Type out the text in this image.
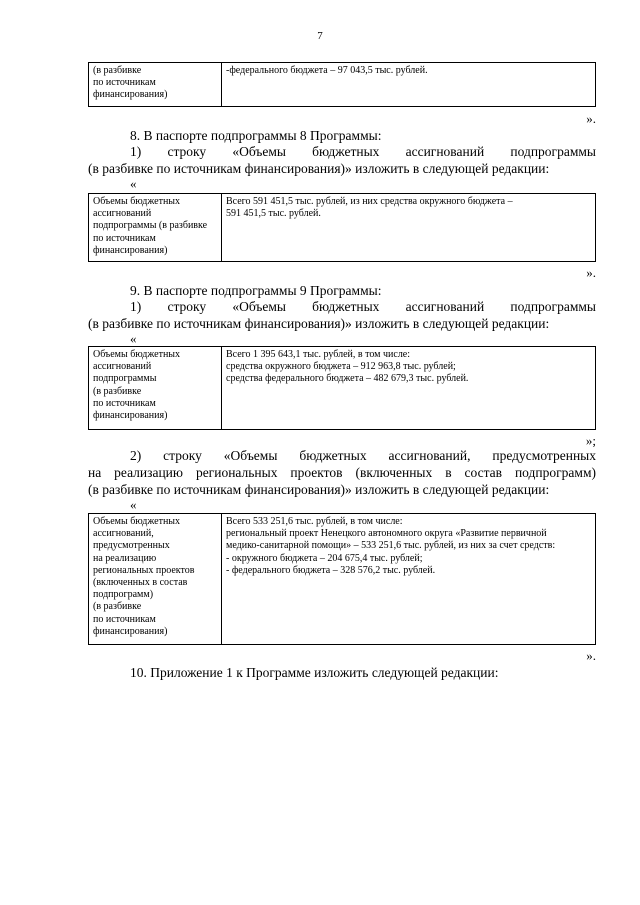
7
(в разбивке
по источникам
финансирования)
-федерального бюджета – 97 043,5 тыс. рублей.
».
8. В паспорте подпрограммы 8 Программы:
1) строку «Объемы бюджетных ассигнований подпрограммы
(в разбивке по источникам финансирования)» изложить в следующей редакции:
«
Объемы бюджетных
ассигнований
подпрограммы (в разбивке
по источникам
финансирования)
Всего 591 451,5 тыс. рублей, из них средства окружного бюджета –
591 451,5 тыс. рублей.
».
9. В паспорте подпрограммы 9 Программы:
1) строку «Объемы бюджетных ассигнований подпрограммы
(в разбивке по источникам финансирования)» изложить в следующей редакции:
«
Объемы бюджетных
ассигнований
подпрограммы
(в разбивке
по источникам
финансирования)
Всего 1 395 643,1 тыс. рублей, в том числе:
средства окружного бюджета – 912 963,8 тыс. рублей;
средства федерального бюджета – 482 679,3 тыс. рублей.
»;
2) строку «Объемы бюджетных ассигнований, предусмотренных
на реализацию региональных проектов (включенных в состав подпрограмм)
(в разбивке по источникам финансирования)» изложить в следующей редакции:
«
Объемы бюджетных
ассигнований,
предусмотренных
на реализацию
региональных проектов
(включенных в состав
подпрограмм)
(в разбивке
по источникам
финансирования)
Всего 533 251,6 тыс. рублей, в том числе:
региональный проект Ненецкого автономного округа «Развитие первичной
медико-санитарной помощи» – 533 251,6 тыс. рублей, из них за счет средств:
- окружного бюджета – 204 675,4 тыс. рублей;
- федерального бюджета – 328 576,2 тыс. рублей.
».
10. Приложение 1 к Программе изложить следующей редакции:
